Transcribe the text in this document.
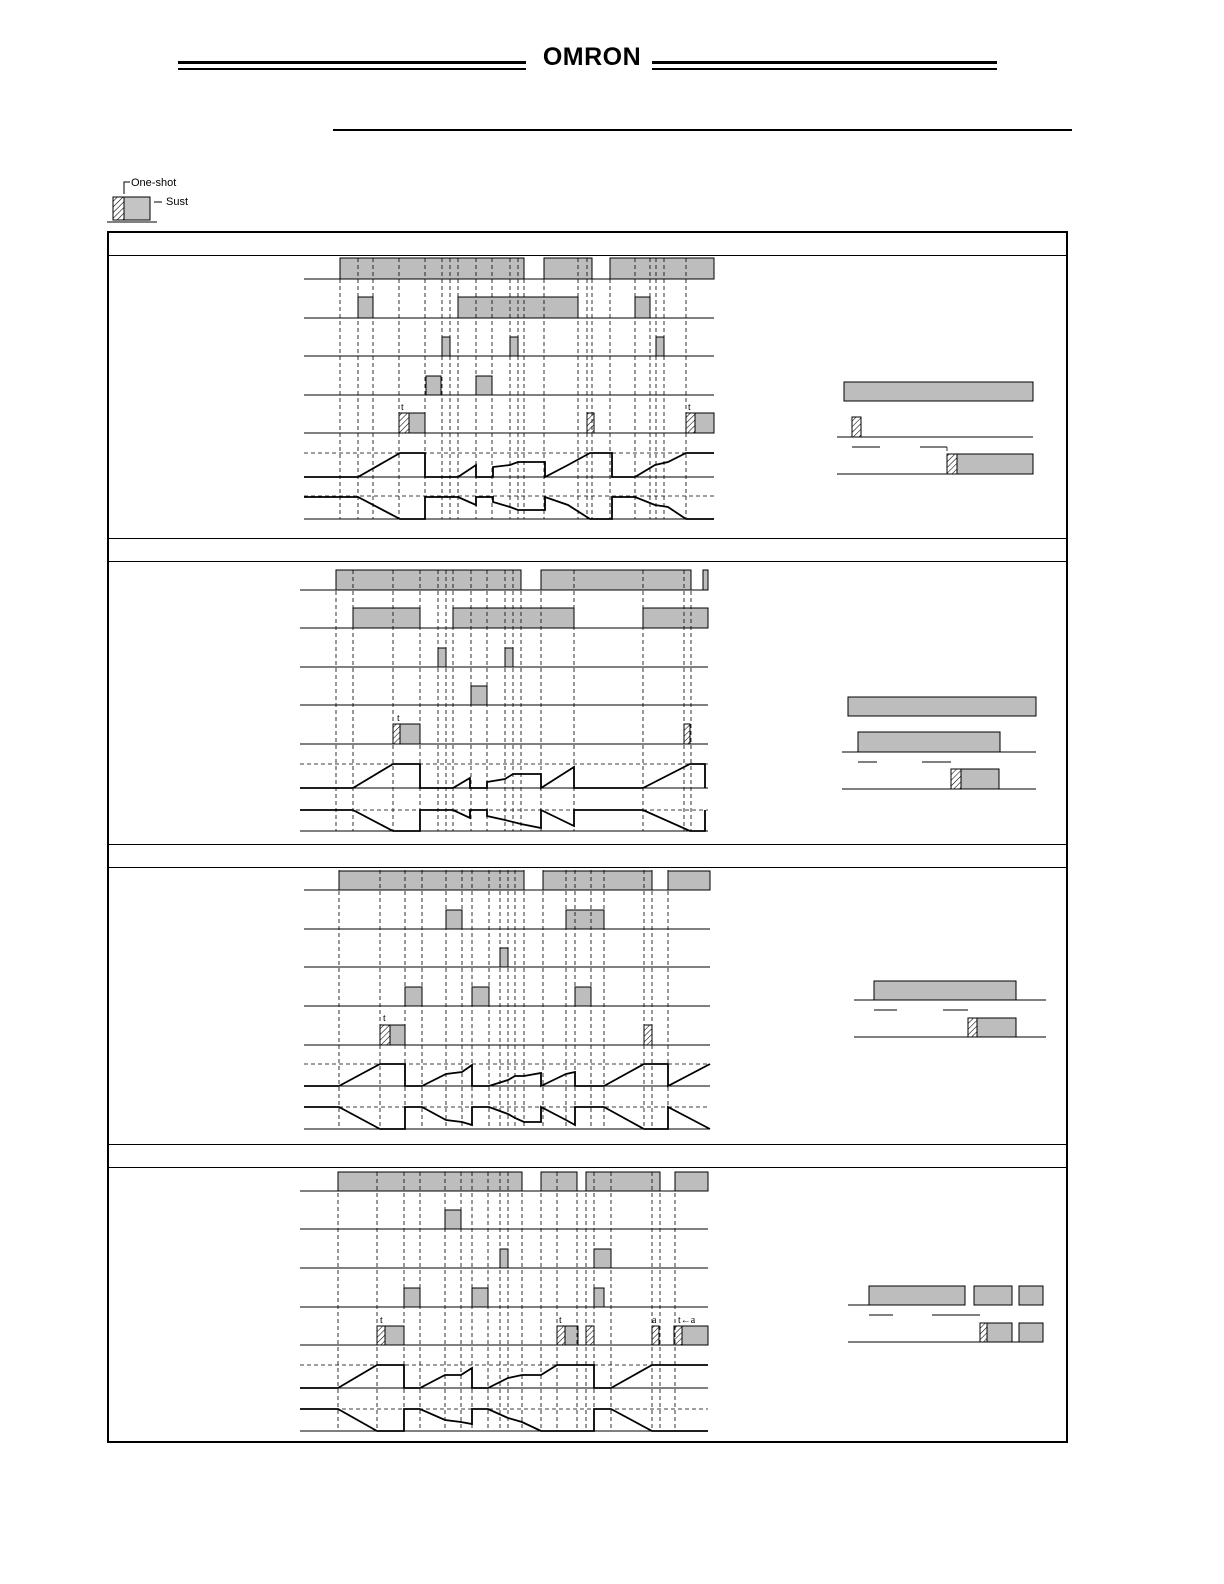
OMRON
One-shot
Sust
t	t
t
t
t	t	a t←a
